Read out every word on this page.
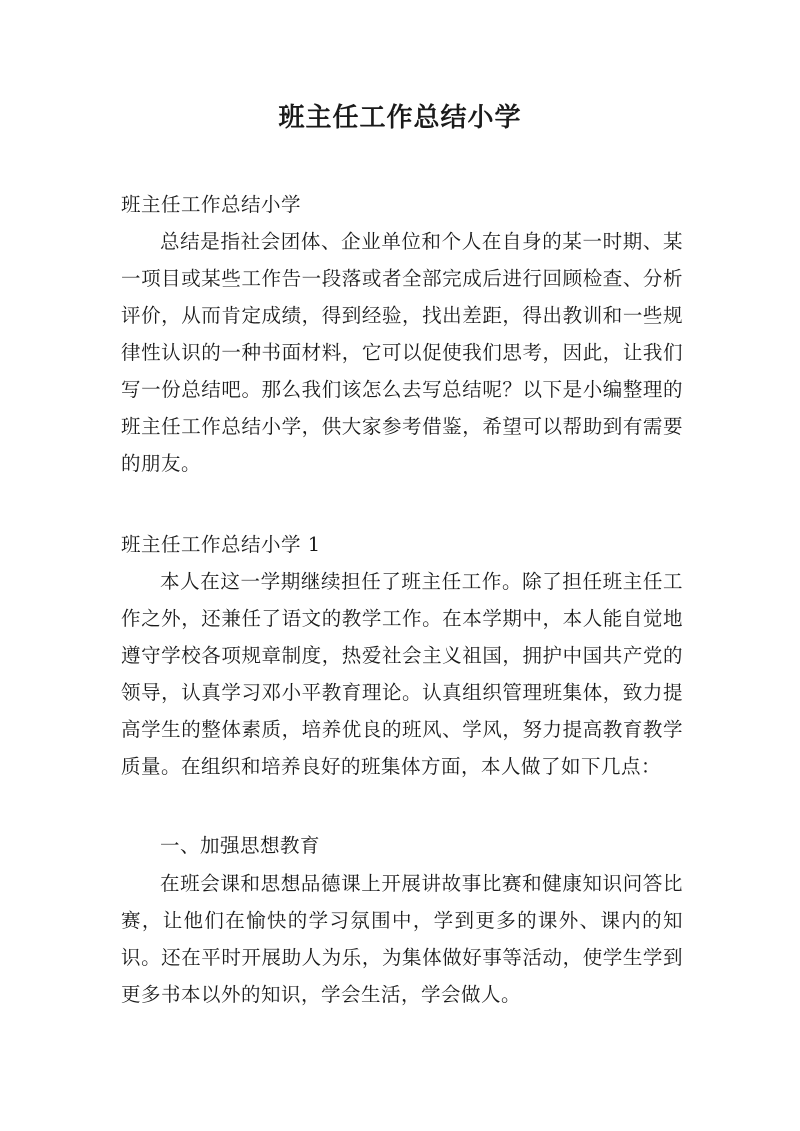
班主任工作总结小学
班主任工作总结小学
总结是指社会团体、企业单位和个人在自身的某一时期、某一项目或某些工作告一段落或者全部完成后进行回顾检查、分析评价，从而肯定成绩，得到经验，找出差距，得出教训和一些规律性认识的一种书面材料，它可以促使我们思考，因此，让我们写一份总结吧。那么我们该怎么去写总结呢？以下是小编整理的班主任工作总结小学，供大家参考借鉴，希望可以帮助到有需要的朋友。
班主任工作总结小学 1
本人在这一学期继续担任了班主任工作。除了担任班主任工作之外，还兼任了语文的教学工作。在本学期中，本人能自觉地遵守学校各项规章制度，热爱社会主义祖国，拥护中国共产党的领导，认真学习邓小平教育理论。认真组织管理班集体，致力提高学生的整体素质，培养优良的班风、学风，努力提高教育教学质量。在组织和培养良好的班集体方面，本人做了如下几点：
一、加强思想教育
在班会课和思想品德课上开展讲故事比赛和健康知识问答比赛，让他们在愉快的学习氛围中，学到更多的课外、课内的知识。还在平时开展助人为乐，为集体做好事等活动，使学生学到更多书本以外的知识，学会生活，学会做人。
